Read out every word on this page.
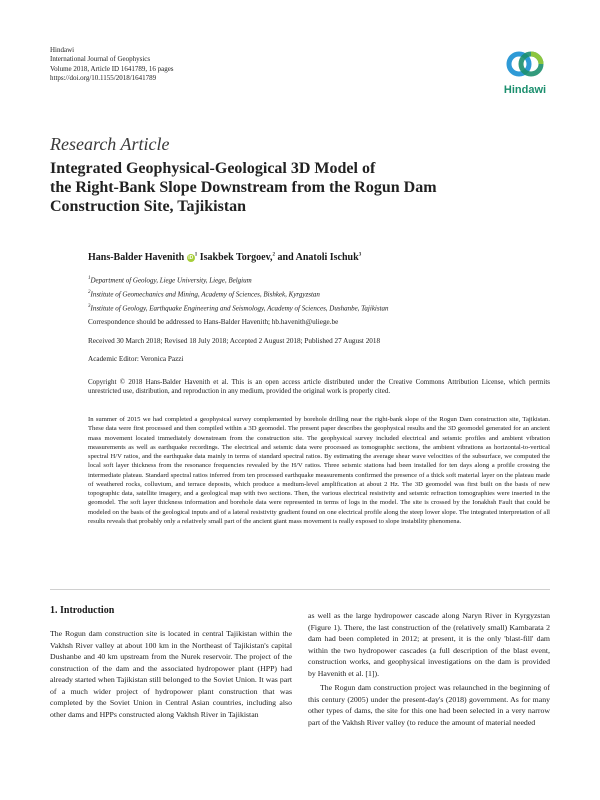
Hindawi
International Journal of Geophysics
Volume 2018, Article ID 1641789, 16 pages
https://doi.org/10.1155/2018/1641789
Hindawi
Research Article
Integrated Geophysical-Geological 3D Model of
the Right-Bank Slope Downstream from the Rogun Dam
Construction Site, Tajikistan
Hans-Balder Havenith iD $^1$ Isakbek Torgoev,$^2$ and Anatoli Ischuk$^3$
$^1$Department of Geology, Liege University, Liege, Belgium
$^2$Institute of Geomechanics and Mining, Academy of Sciences, Bishkek, Kyrgyzstan
$^3$Institute of Geology, Earthquake Engineering and Seismology, Academy of Sciences, Dushanbe, Tajikistan
Correspondence should be addressed to Hans-Balder Havenith; hb.havenith@uliege.be
Received 30 March 2018; Revised 18 July 2018; Accepted 2 August 2018; Published 27 August 2018
Academic Editor: Veronica Pazzi
Copyright © 2018 Hans-Balder Havenith et al. This is an open access article distributed under the Creative Commons Attribution License, which permits unrestricted use, distribution, and reproduction in any medium, provided the original work is properly cited.
In summer of 2015 we had completed a geophysical survey complemented by borehole drilling near the right-bank slope of the Rogun Dam construction site, Tajikistan. These data were first processed and then compiled within a 3D geomodel. The present paper describes the geophysical results and the 3D geomodel generated for an ancient mass movement located immediately downstream from the construction site. The geophysical survey included electrical and seismic profiles and ambient vibration measurements as well as earthquake recordings. The electrical and seismic data were processed as tomographic sections, the ambient vibrations as horizontal-to-vertical spectral H/V ratios, and the earthquake data mainly in terms of standard spectral ratios. By estimating the average shear wave velocities of the subsurface, we computed the local soft layer thickness from the resonance frequencies revealed by the H/V ratios. Three seismic stations had been installed for ten days along a profile crossing the intermediate plateau. Standard spectral ratios inferred from ten processed earthquake measurements confirmed the presence of a thick soft material layer on the plateau made of weathered rocks, colluvium, and terrace deposits, which produce a medium-level amplification at about 2 Hz. The 3D geomodel was first built on the basis of new topographic data, satellite imagery, and a geological map with two sections. Then, the various electrical resistivity and seismic refraction tomographies were inserted in the geomodel. The soft layer thickness information and borehole data were represented in terms of logs in the model. The site is crossed by the Ionakhsh Fault that could be modeled on the basis of the geological inputs and of a lateral resistivity gradient found on one electrical profile along the steep lower slope. The integrated interpretation of all results reveals that probably only a relatively small part of the ancient giant mass movement is really exposed to slope instability phenomena.
1. Introduction
The Rogun dam construction site is located in central Tajikistan within the Vakhsh River valley at about 100 km in the Northeast of Tajikistan's capital Dushanbe and 40 km upstream from the Nurek reservoir. The project of the construction of the dam and the associated hydropower plant (HPP) had already started when Tajikistan still belonged to the Soviet Union. It was part of a much wider project of hydropower plant construction that was completed by the Soviet Union in Central Asian countries, including also other dams and HPPs constructed along Vakhsh River in Tajikistan
as well as the large hydropower cascade along Naryn River in Kyrgyzstan (Figure 1). There, the last construction of the (relatively small) Kambarata 2 dam had been completed in 2012; at present, it is the only 'blast-fill' dam within the two hydropower cascades (a full description of the blast event, construction works, and geophysical investigations on the dam is provided by Havenith et al. [1]).
The Rogun dam construction project was relaunched in the beginning of this century (2005) under the present-day's (2018) government. As for many other types of dams, the site for this one had been selected in a very narrow part of the Vakhsh River valley (to reduce the amount of material needed
